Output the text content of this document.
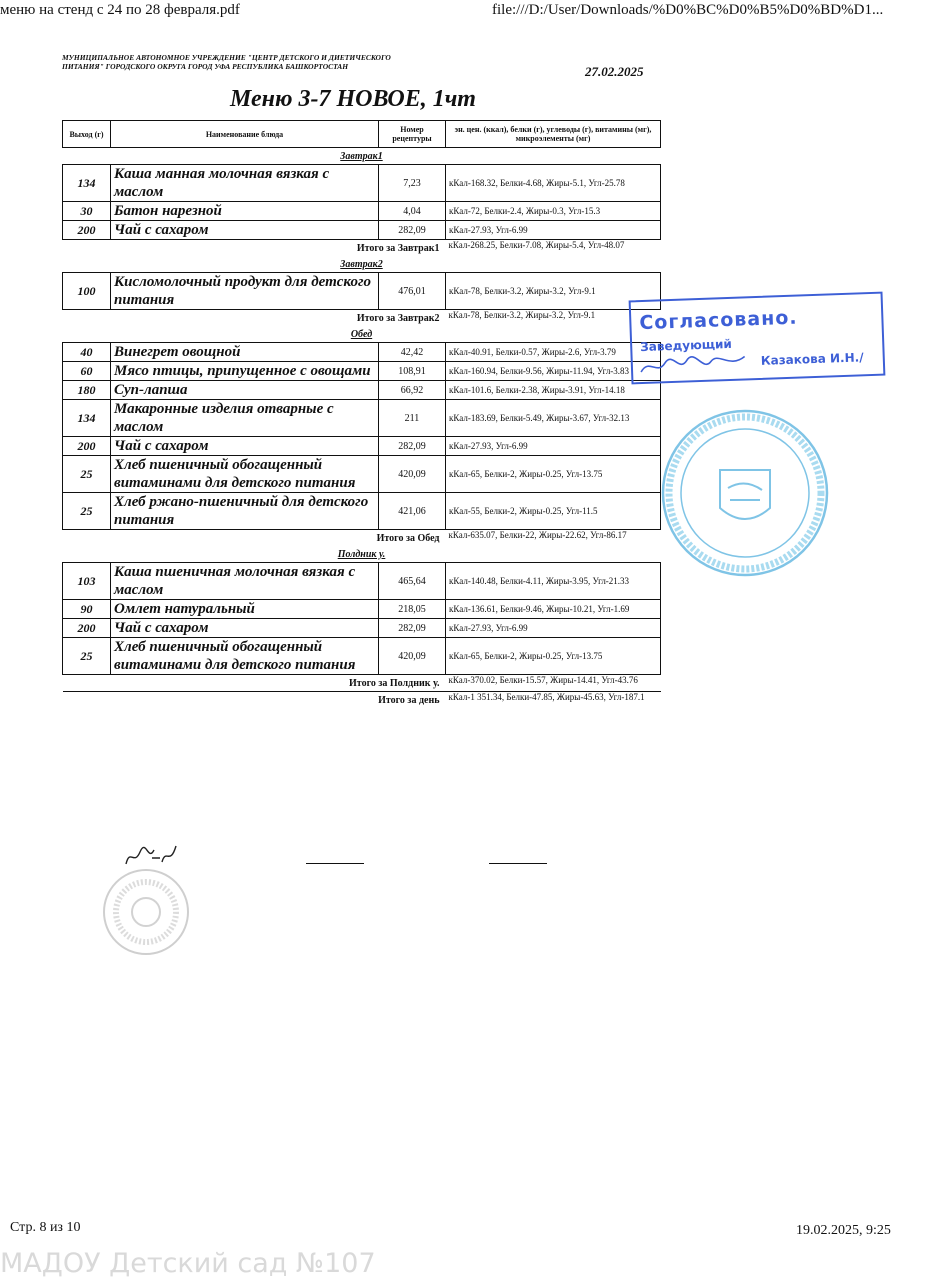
меню на стенд с 24 по 28 февраля.pdf	file:///D:/User/Downloads/%D0%BC%D0%B5%D0%BD%D1...
МУНИЦИПАЛЬНОЕ АВТОНОМНОЕ УЧРЕЖДЕНИЕ "ЦЕНТР ДЕТСКОГО И ДИЕТИЧЕСКОГО ПИТАНИЯ" ГОРОДСКОГО ОКРУГА ГОРОД УФА РЕСПУБЛИКА БАШКОРТОСТАН	27.02.2025
Меню 3-7 НОВОЕ, 1чт
Выход (г)	Наименование блюда	Номер рецептуры	эн. цен. (ккал), белки (г), углеводы (г), витамины (мг), микроэлементы (мг)
Завтрак1			
134	Каша манная молочная вязкая с маслом	7,23	кКал-168.32, Белки-4.68, Жиры-5.1, Угл-25.78
30	Батон нарезной	4,04	кКал-72, Белки-2.4, Жиры-0.3, Угл-15.3
200	Чай с сахаром	282,09	кКал-27.93, Угл-6.99
Итого за Завтрак1			кКал-268.25, Белки-7.08, Жиры-5.4, Угл-48.07
Завтрак2			
100	Кисломолочный продукт для детского питания	476,01	кКал-78, Белки-3.2, Жиры-3.2, Угл-9.1
Итого за Завтрак2			кКал-78, Белки-3.2, Жиры-3.2, Угл-9.1
Обед			
40	Винегрет овощной	42,42	кКал-40.91, Белки-0.57, Жиры-2.6, Угл-3.79
60	Мясо птицы, припущенное с овощами	108,91	кКал-160.94, Белки-9.56, Жиры-11.94, Угл-3.83
180	Суп-лапша	66,92	кКал-101.6, Белки-2.38, Жиры-3.91, Угл-14.18
134	Макаронные изделия отварные с маслом	211	кКал-183.69, Белки-5.49, Жиры-3.67, Угл-32.13
200	Чай с сахаром	282,09	кКал-27.93, Угл-6.99
25	Хлеб пшеничный обогащенный витаминами для детского питания	420,09	кКал-65, Белки-2, Жиры-0.25, Угл-13.75
25	Хлеб ржано-пшеничный для детского питания	421,06	кКал-55, Белки-2, Жиры-0.25, Угл-11.5
Итого за Обед			кКал-635.07, Белки-22, Жиры-22.62, Угл-86.17
Полдник у.			
103	Каша пшеничная молочная вязкая с маслом	465,64	кКал-140.48, Белки-4.11, Жиры-3.95, Угл-21.33
90	Омлет натуральный	218,05	кКал-136.61, Белки-9.46, Жиры-10.21, Угл-1.69
200	Чай с сахаром	282,09	кКал-27.93, Угл-6.99
25	Хлеб пшеничный обогащенный витаминами для детского питания	420,09	кКал-65, Белки-2, Жиры-0.25, Угл-13.75
Итого за Полдник у.			кКал-370.02, Белки-15.57, Жиры-14.41, Угл-43.76
Итого за день			кКал-1 351.34, Белки-47.85, Жиры-45.63, Угл-187.1
Согласовано.
Заведующий
Казакова И.Н./
Стр. 8 из 10	19.02.2025, 9:25
МАДОУ Детский сад №107
